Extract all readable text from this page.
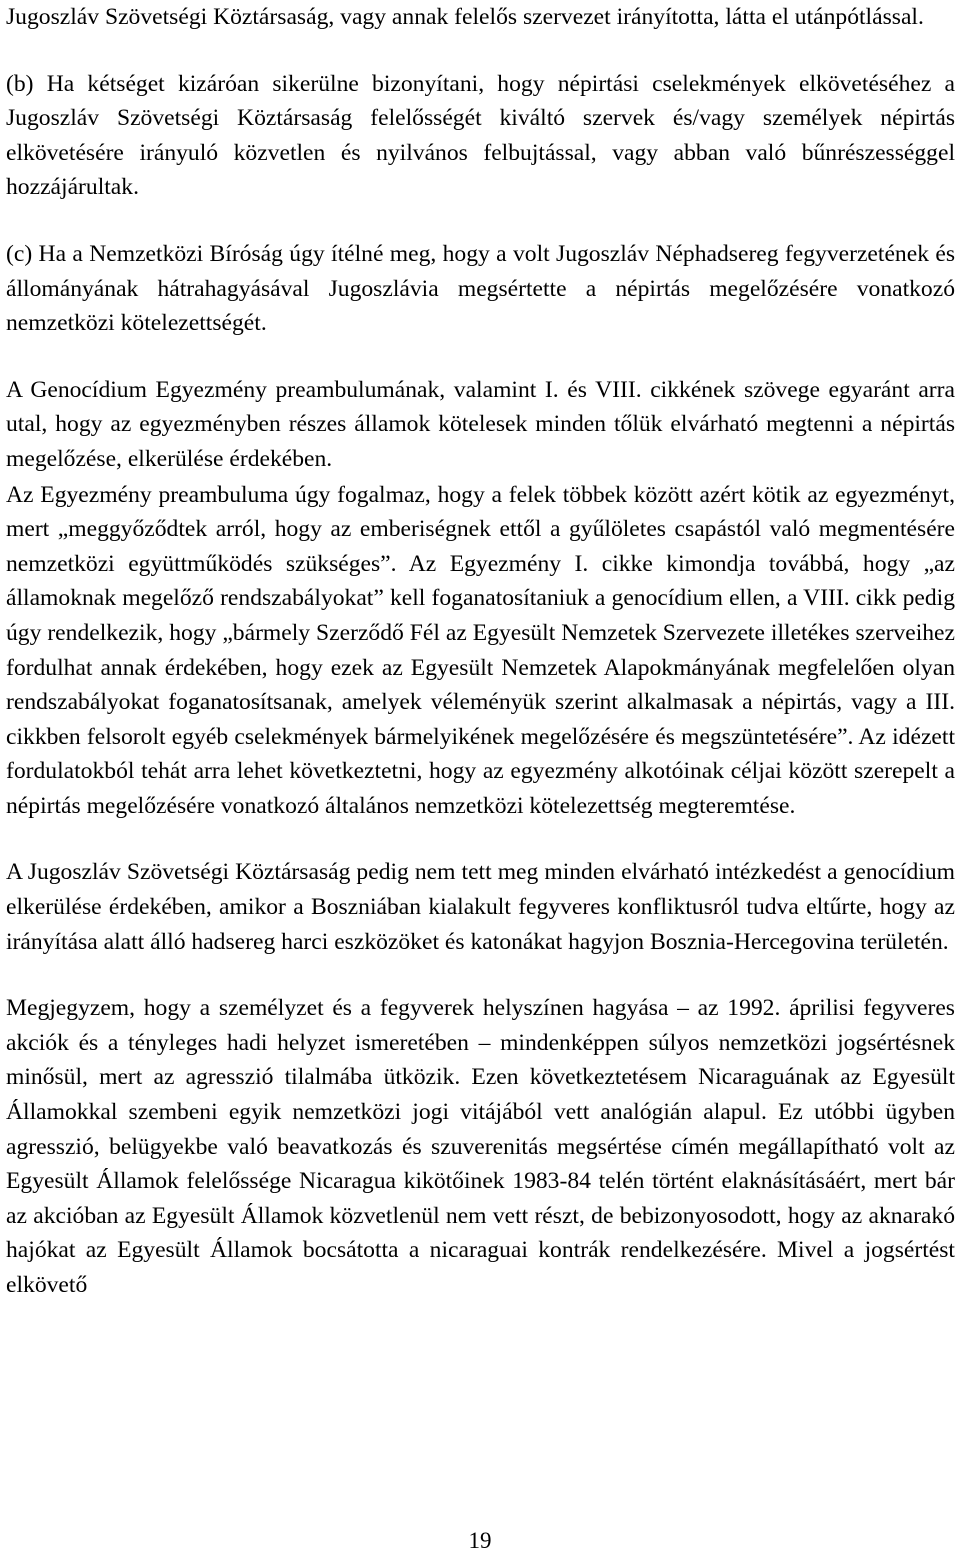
Jugoszláv Szövetségi Köztársaság, vagy annak felelős szervezet irányította, látta el utánpótlással.

(b) Ha kétséget kizáróan sikerülne bizonyítani, hogy népirtási cselekmények elkövetéséhez a Jugoszláv Szövetségi Köztársaság felelősségét kiváltó szervek és/vagy személyek népirtás elkövetésére irányuló közvetlen és nyilvános felbujtással, vagy abban való bűnrészességgel hozzájárultak.

(c) Ha a Nemzetközi Bíróság úgy ítélné meg, hogy a volt Jugoszláv Néphadsereg fegyverzetének és állományának hátrahagyásával Jugoszlávia megsértette a népirtás megelőzésére vonatkozó nemzetközi kötelezettségét.

A Genocídium Egyezmény preambulumának, valamint I. és VIII. cikkének szövege egyaránt arra utal, hogy az egyezményben részes államok kötelesek minden tőlük elvárható megtenni a népirtás megelőzése, elkerülése érdekében.

Az Egyezmény preambuluma úgy fogalmaz, hogy a felek többek között azért kötik az egyezményt, mert „meggyőződtek arról, hogy az emberiségnek ettől a gyűlöletes csapástól való megmentésére nemzetközi együttműködés szükséges”. Az Egyezmény I. cikke kimondja továbbá, hogy „az államoknak megelőző rendszabályokat” kell foganatosítaniuk a genocídium ellen, a VIII. cikk pedig úgy rendelkezik, hogy „bármely Szerződő Fél az Egyesült Nemzetek Szervezete illetékes szerveihez fordulhat annak érdekében, hogy ezek az Egyesült Nemzetek Alapokmányának megfelelően olyan rendszabályokat foganatosítsanak, amelyek véleményük szerint alkalmasak a népirtás, vagy a III. cikkben felsorolt egyéb cselekmények bármelyikének megelőzésére és megszüntetésére”. Az idézett fordulatokból tehát arra lehet következtetni, hogy az egyezmény alkotóinak céljai között szerepelt a népirtás megelőzésére vonatkozó általános nemzetközi kötelezettség megteremtése.

A Jugoszláv Szövetségi Köztársaság pedig nem tett meg minden elvárható intézkedést a genocídium elkerülése érdekében, amikor a Boszniában kialakult fegyveres konfliktusról tudva eltűrte, hogy az irányítása alatt álló hadsereg harci eszközöket és katonákat hagyjon Bosznia-Hercegovina területén.

Megjegyzem, hogy a személyzet és a fegyverek helyszínen hagyása – az 1992. áprilisi fegyveres akciók és a tényleges hadi helyzet ismeretében – mindenképpen súlyos nemzetközi jogsértésnek minősül, mert az agresszió tilalmába ütközik. Ezen következtetésem Nicaraguának az Egyesült Államokkal szembeni egyik nemzetközi jogi vitájából vett analógián alapul. Ez utóbbi ügyben agresszió, belügyekbe való beavatkozás és szuverenitás megsértése címén megállapítható volt az Egyesült Államok felelőssége Nicaragua kikötőinek 1983-84 telén történt elaknásításáért, mert bár az akcióban az Egyesült Államok közvetlenül nem vett részt, de bebizonyosodott, hogy az aknarakó hajókat az Egyesült Államok bocsátotta a nicaraguai kontrák rendelkezésére. Mivel a jogsértést elkövető

19
